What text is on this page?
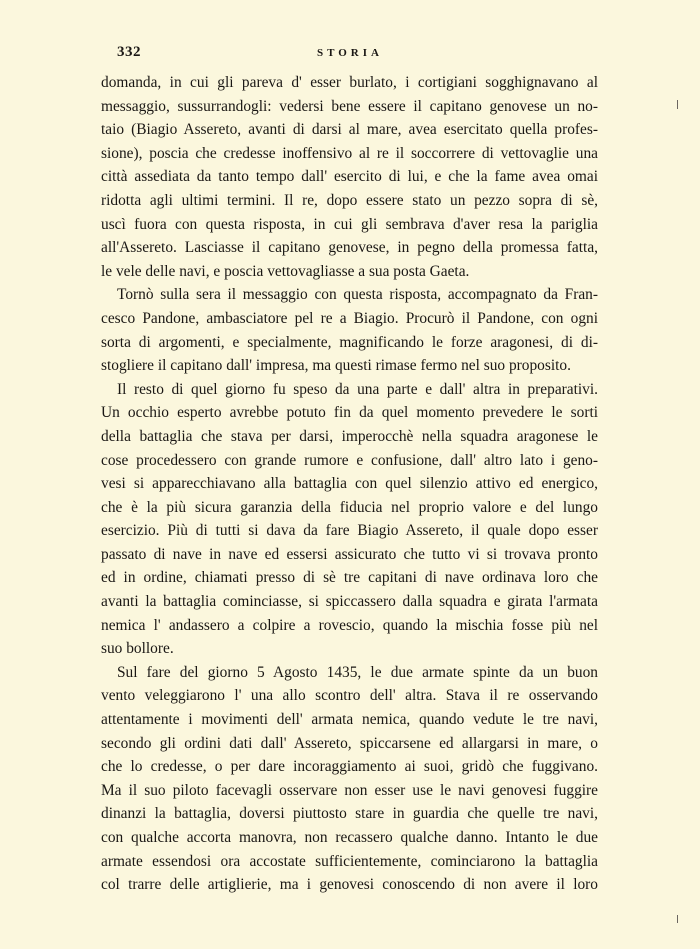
332	STORIA
domanda, in cui gli pareva d' esser burlato, i cortigiani sogghignavano al
messaggio, sussurrandogli: vedersi bene essere il capitano genovese un no-
taio (Biagio Assereto, avanti di darsi al mare, avea esercitato quella profes-
sione), poscia che credesse inoffensivo al re il soccorrere di vettovaglie una
città assediata da tanto tempo dall' esercito di lui, e che la fame avea omai
ridotta agli ultimi termini. Il re, dopo essere stato un pezzo sopra di sè,
uscì fuora con questa risposta, in cui gli sembrava d'aver resa la pariglia
all'Assereto. Lasciasse il capitano genovese, in pegno della promessa fatta,
le vele delle navi, e poscia vettovagliasse a sua posta Gaeta.
Tornò sulla sera il messaggio con questa risposta, accompagnato da Fran-
cesco Pandone, ambasciatore pel re a Biagio. Procurò il Pandone, con ogni
sorta di argomenti, e specialmente, magnificando le forze aragonesi, di di-
stogliere il capitano dall' impresa, ma questi rimase fermo nel suo proposito.
Il resto di quel giorno fu speso da una parte e dall' altra in preparativi.
Un occhio esperto avrebbe potuto fin da quel momento prevedere le sorti
della battaglia che stava per darsi, imperocchè nella squadra aragonese le
cose procedessero con grande rumore e confusione, dall' altro lato i geno-
vesi si apparecchiavano alla battaglia con quel silenzio attivo ed energico,
che è la più sicura garanzia della fiducia nel proprio valore e del lungo
esercizio. Più di tutti si dava da fare Biagio Assereto, il quale dopo esser
passato di nave in nave ed essersi assicurato che tutto vi si trovava pronto
ed in ordine, chiamati presso di sè tre capitani di nave ordinava loro che
avanti la battaglia cominciasse, si spiccassero dalla squadra e girata l'armata
nemica l' andassero a colpire a rovescio, quando la mischia fosse più nel
suo bollore.
Sul fare del giorno 5 Agosto 1435, le due armate spinte da un buon
vento veleggiarono l' una allo scontro dell' altra. Stava il re osservando
attentamente i movimenti dell' armata nemica, quando vedute le tre navi,
secondo gli ordini dati dall' Assereto, spiccarsene ed allargarsi in mare, o
che lo credesse, o per dare incoraggiamento ai suoi, gridò che fuggivano.
Ma il suo piloto facevagli osservare non esser use le navi genovesi fuggire
dinanzi la battaglia, doversi piuttosto stare in guardia che quelle tre navi,
con qualche accorta manovra, non recassero qualche danno. Intanto le due
armate essendosi ora accostate sufficientemente, cominciarono la battaglia
col trarre delle artiglierie, ma i genovesi conoscendo di non avere il loro
